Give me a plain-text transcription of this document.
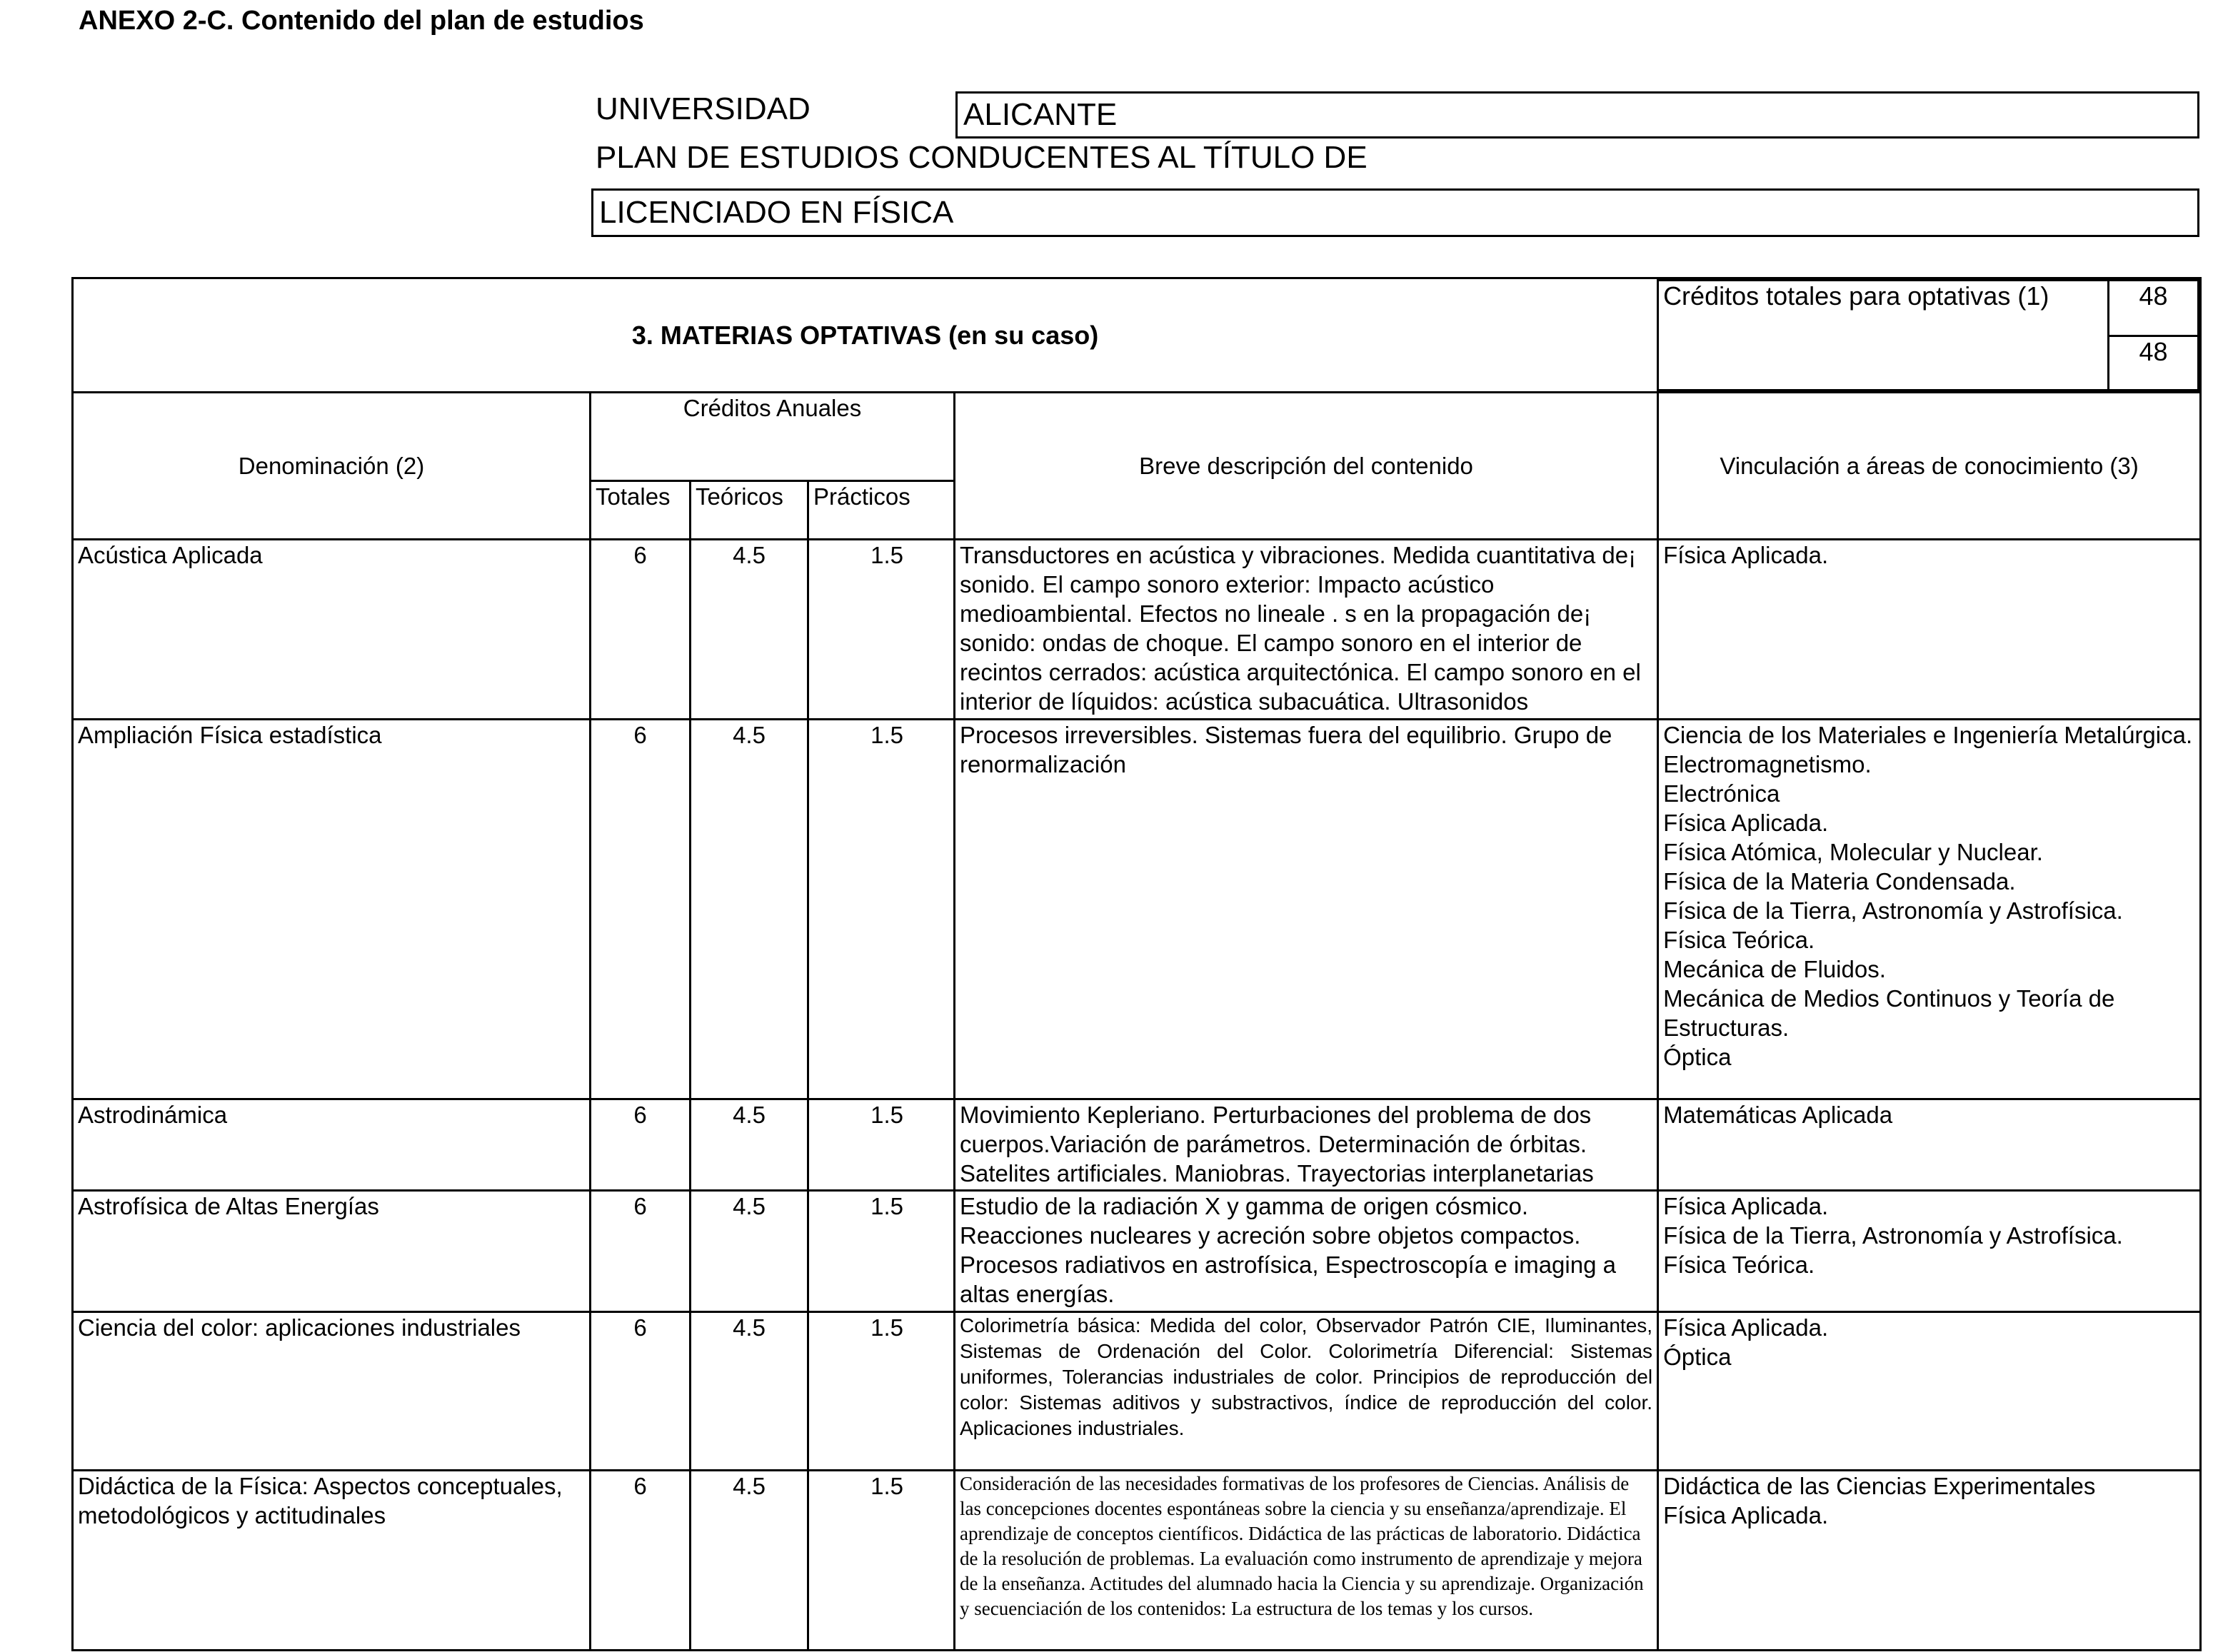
ANEXO 2-C. Contenido del plan de estudios
UNIVERSIDAD	ALICANTE
PLAN DE ESTUDIOS CONDUCENTES AL TÍTULO DE
LICENCIADO EN FÍSICA
3. MATERIAS OPTATIVAS (en su caso)	
Créditos totales para optativas (1)	48
48

Denominación (2)	Créditos Anuales	Breve descripción del contenido	Vinculación a áreas de conocimiento (3)
Totales	Teóricos	Prácticos
Acústica Aplicada	6	4.5	1.5	Transductores en acústica y vibraciones. Medida cuantitativa de¡ sonido. El campo sonoro exterior: Impacto acústico medioambiental. Efectos no lineale . s en la propagación de¡ sonido: ondas de choque. El campo sonoro en el interior de recintos cerrados: acústica arquitectónica. El campo sonoro en el interior de líquidos: acústica subacuática. Ultrasonidos	
Física Aplicada.

Ampliación Física estadística	6	4.5	1.5	Procesos irreversibles. Sistemas fuera del equilibrio. Grupo de renormalización	
Ciencia de los Materiales e Ingeniería Metalúrgica.
Electromagnetismo.
Electrónica
Física Aplicada.
Física Atómica, Molecular y Nuclear.
Física de la Materia Condensada.
Física de la Tierra, Astronomía y Astrofísica.
Física Teórica.
Mecánica de Fluidos.
Mecánica de Medios Continuos y Teoría de Estructuras.
Óptica

Astrodinámica	6	4.5	1.5	Movimiento Kepleriano. Perturbaciones del problema de dos cuerpos.Variación de parámetros. Determinación de órbitas. Satelites artificiales. Maniobras. Trayectorias interplanetarias	
Matemáticas Aplicada

Astrofísica de Altas Energías	6	4.5	1.5	Estudio de la radiación X y gamma de origen cósmico. Reacciones nucleares y acreción sobre objetos compactos. Procesos radiativos en astrofísica, Espectroscopía e imaging a altas energías.	
Física Aplicada.
Física de la Tierra, Astronomía y Astrofísica.
Física Teórica.

Ciencia del color: aplicaciones industriales	6	4.5	1.5	Colorimetría básica: Medida del color, Observador Patrón CIE, Iluminantes, Sistemas de Ordenación del Color. Colorimetría Diferencial: Sistemas uniformes, Tolerancias industriales de color. Principios de reproducción del color: Sistemas aditivos y substractivos, índice de reproducción del color. Aplicaciones industriales.	
Física Aplicada.
Óptica

Didáctica de la Física: Aspectos conceptuales, metodológicos y actitudinales	6	4.5	1.5	Consideración de las necesidades formativas de los profesores de Ciencias. Análisis de las concepciones docentes espontáneas sobre la ciencia y su enseñanza/aprendizaje. El aprendizaje de conceptos científicos. Didáctica de las prácticas de laboratorio. Didáctica de la resolución de problemas. La evaluación como instrumento de aprendizaje y mejora de la enseñanza. Actitudes del alumnado hacia la Ciencia y su aprendizaje. Organización y secuenciación de los contenidos: La estructura de los temas y los cursos.	
Didáctica de las Ciencias Experimentales
Física Aplicada.
